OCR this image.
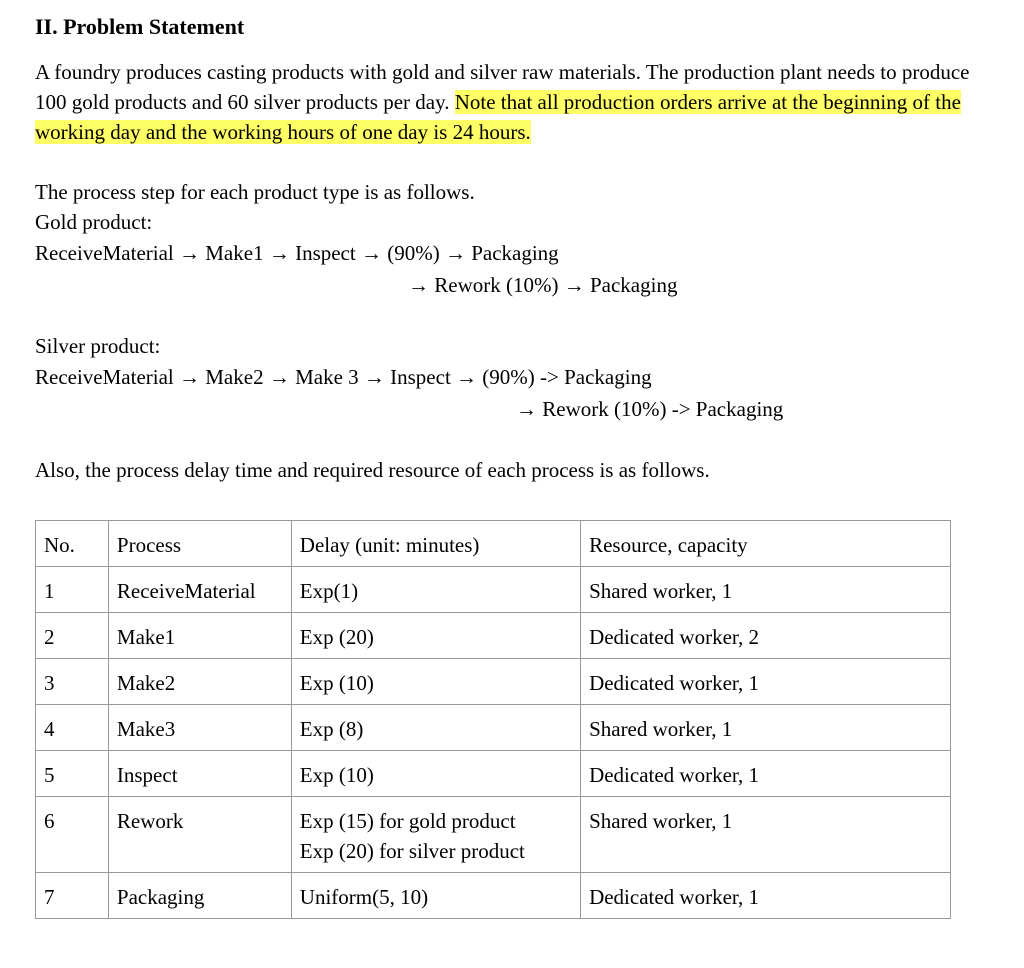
II. Problem Statement

A foundry produces casting products with gold and silver raw materials. The production plant needs to produce 100 gold products and 60 silver products per day. Note that all production orders arrive at the beginning of the working day and the working hours of one day is 24 hours.

The process step for each product type is as follows.

Gold product:

ReceiveMaterial → Make1 → Inspect → (90%) → Packaging

→ Rework (10%) → Packaging

Silver product:

ReceiveMaterial → Make2 → Make 3 → Inspect → (90%) -> Packaging

→ Rework (10%) -> Packaging

Also, the process delay time and required resource of each process is as follows.

No.	Process	Delay (unit: minutes)	Resource, capacity
1	ReceiveMaterial	Exp(1)	Shared worker, 1
2	Make1	Exp (20)	Dedicated worker, 2
3	Make2	Exp (10)	Dedicated worker, 1
4	Make3	Exp (8)	Shared worker, 1
5	Inspect	Exp (10)	Dedicated worker, 1
6	Rework	Exp (15) for gold product
Exp (20) for silver product	Shared worker, 1
7	Packaging	Uniform(5, 10)	Dedicated worker, 1
